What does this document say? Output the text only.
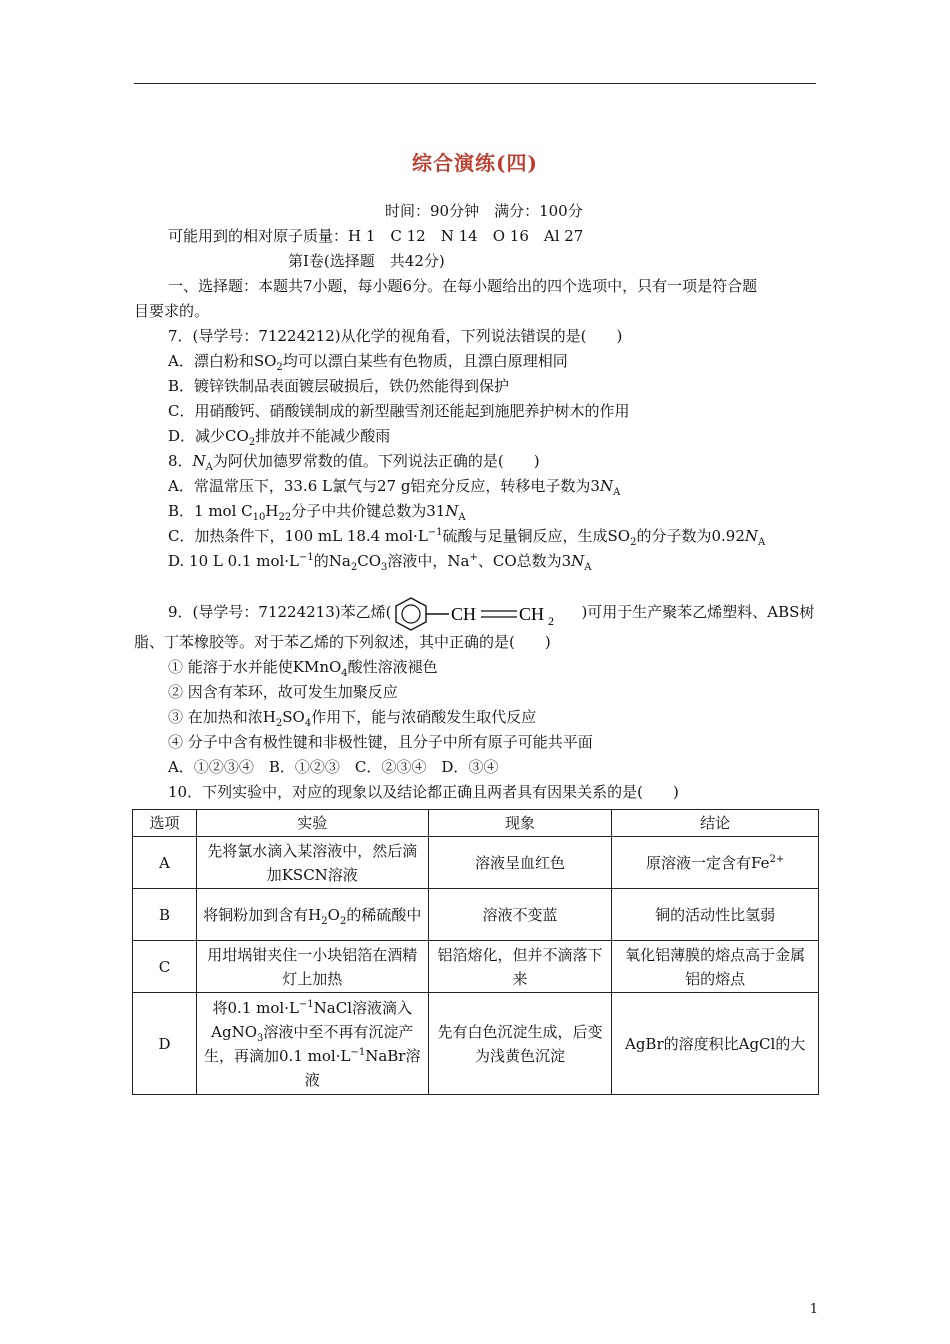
综合演练(四)
时间：90分钟　满分：100分
可能用到的相对原子质量：H 1　C 12　N 14　O 16　Al 27
第Ⅰ卷(选择题　共42分)
一、选择题：本题共7小题，每小题6分。在每小题给出的四个选项中，只有一项是符合题
目要求的。
7．(导学号：71224212)从化学的视角看，下列说法错误的是(　　)
A．漂白粉和$SO_2$均可以漂白某些有色物质，且漂白原理相同
B．镀锌铁制品表面镀层破损后，铁仍然能得到保护
C．用硝酸钙、硝酸镁制成的新型融雪剂还能起到施肥养护树木的作用
D．减少$CO_2$排放并不能减少酸雨
8．$N_A$为阿伏加德罗常数的值。下列说法正确的是(　　)
A．常温常压下，33.6 L氯气与27 g铝充分反应，转移电子数为$3N_A$
B．1 mol $C_{10}H_{22}$分子中共价键总数为$31N_A$
C．加热条件下，100 mL 18.4 $mol\cdot L^{-1}$硫酸与足量铜反应，生成$SO_2$的分子数为$0.92N_A$
D. 10 L 0.1 $mol\cdot L^{-1}$的$Na_2CO_3$溶液中，Na+、CO总数为$3N_A$
9．(导学号：71224213)苯乙烯(	CH CH 2 )可用于生产聚苯乙烯塑料、ABS树
脂、丁苯橡胶等。对于苯乙烯的下列叙述，其中正确的是(　　)
① 能溶于水并能使KMnO$_4$酸性溶液褪色
② 因含有苯环，故可发生加聚反应
③ 在加热和浓$H_2SO_4$作用下，能与浓硝酸发生取代反应
④ 分子中含有极性键和非极性键，且分子中所有原子可能共平面
A．①②③④　B．①②③　C．②③④　D．③④
10．下列实验中，对应的现象以及结论都正确且两者具有因果关系的是(　　)
选项	实验	现象	结论
A	先将氯水滴入某溶液中，然后滴加KSCN溶液	溶液呈血红色	原溶液一定含有$Fe^{2+}$
B	将铜粉加到含有$H_2O_2$的稀硫酸中	溶液不变蓝	铜的活动性比氢弱
C	用坩埚钳夹住一小块铝箔在酒精灯上加热	铝箔熔化，但并不滴落下来	氧化铝薄膜的熔点高于金属铝的熔点
D	将0.1 $mol\cdot L^{-1}NaCl$溶液滴入AgNO$_3$溶液中至不再有沉淀产生，再滴加0.1 $mol\cdot L^{-1}NaBr$溶液	先有白色沉淀生成，后变为浅黄色沉淀	AgBr的溶度积比AgCl的大
1
